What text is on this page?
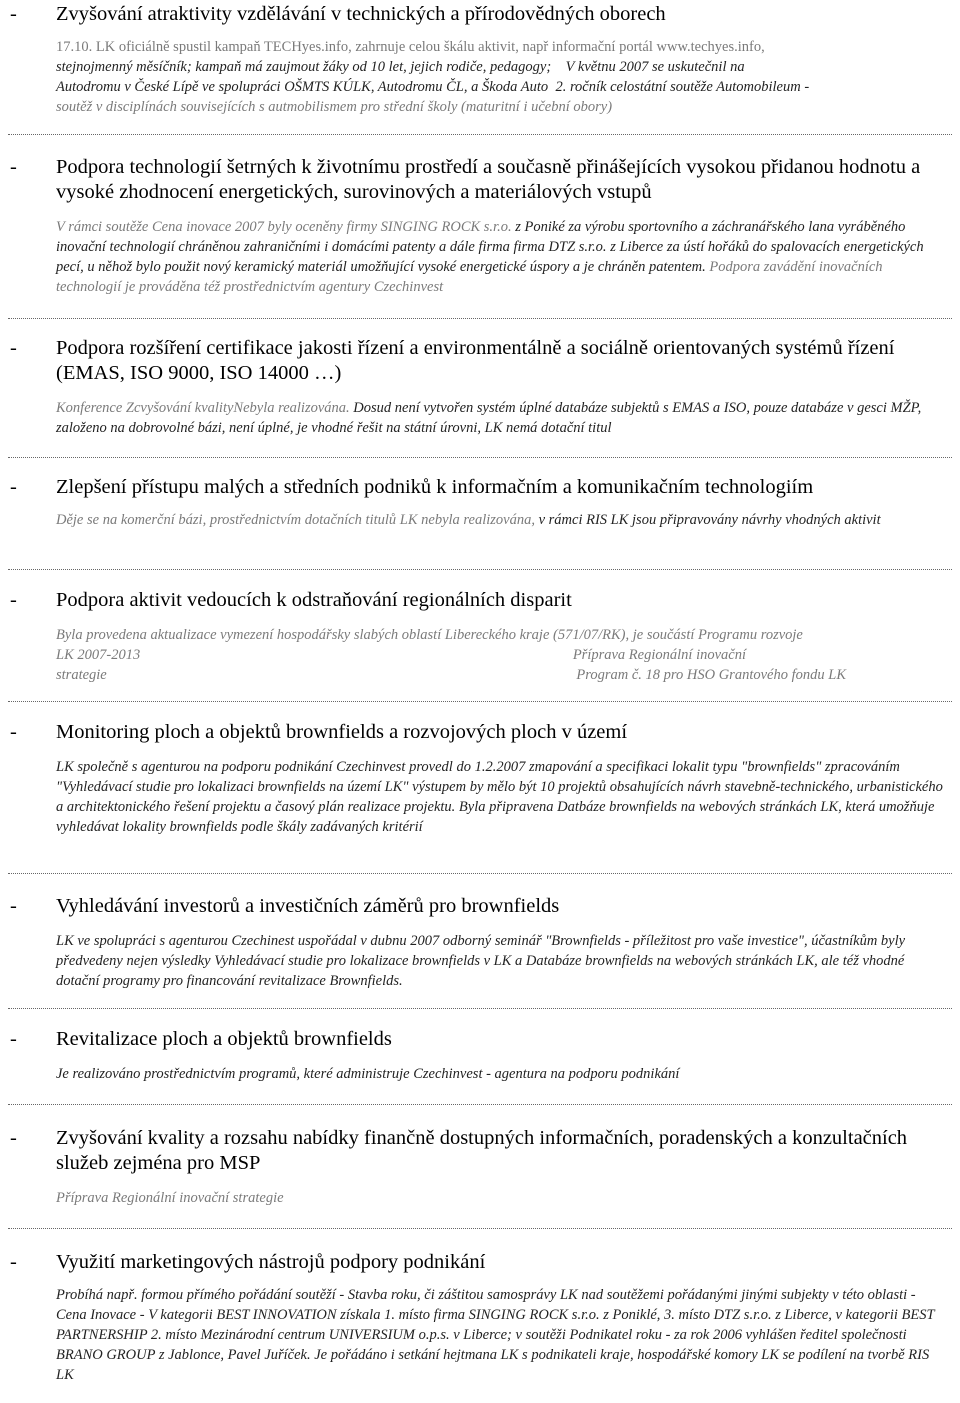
- Zvyšování atraktivity vzdělávání v technických a přírodovědných oborech
17.10. LK oficiálně spustil kampaň TECHyes.info, zahrnuje celou škálu aktivit, např informační portál www.techyes.info,
stejnojmenný měsíčník; kampaň má zaujmout žáky od 10 let, jejich rodiče, pedagogy; V květnu 2007 se uskutečnil na
Autodromu v České Lípě ve spolupráci OŠMTS KÚLK, Autodromu ČL, a Škoda Auto 2. ročník celostátní soutěže Automobileum -
soutěž v disciplínách souvisejících s autmobilismem pro střední školy (maturitní i učební obory)
- Podpora technologií šetrných k životnímu prostředí a současně přinášejících vysokou přidanou hodnotu a vysoké zhodnocení energetických, surovinových a materiálových vstupů
V rámci soutěže Cena inovace 2007 byly oceněny firmy SINGING ROCK s.r.o. z Poniké za výrobu sportovního a záchranářského lana vyráběného inovační technologií chráněnou zahraničními i domácími patenty a dále firma firma DTZ s.r.o. z Liberce za ústí hořáků do spalovacích energetických pecí, u něhož bylo použit nový keramický materiál umožňující vysoké energetické úspory a je chráněn patentem. Podpora zavádění inovačních technologií je prováděna též prostřednictvím agentury Czechinvest
- Podpora rozšíření certifikace jakosti řízení a environmentálně a sociálně orientovaných systémů řízení (EMAS, ISO 9000, ISO 14000 …)
Konference Zcvyšování kvalityNebyla realizována. Dosud není vytvořen systém úplné databáze subjektů s EMAS a ISO, pouze databáze v gesci MŽP, založeno na dobrovolné bázi, není úplné, je vhodné řešit na státní úrovni, LK nemá dotační titul
- Zlepšení přístupu malých a středních podniků k informačním a komunikačním technologiím
Děje se na komerční bázi, prostřednictvím dotačních titulů LK nebyla realizována, v rámci RIS LK jsou připravovány návrhy vhodných aktivit
- Podpora aktivit vedoucích k odstraňování regionálních disparit
Byla provedena aktualizace vymezení hospodářsky slabých oblastí Libereckého kraje (571/07/RK), je součástí Programu rozvoje
LK 2007-2013	Příprava Regionální inovační
strategie	Program č. 18 pro HSO Grantového fondu LK
- Monitoring ploch a objektů brownfields a rozvojových ploch v území
LK společně s agenturou na podporu podnikání Czechinvest provedl do 1.2.2007 zmapování a specifikaci lokalit typu "brownfields" zpracováním "Vyhledávací studie pro lokalizaci brownfields na území LK" výstupem by mělo být 10 projektů obsahujících návrh stavebně-technického, urbanistického a architektonického řešení projektu a časový plán realizace projektu. Byla připravena Datbáze brownfields na webových stránkách LK, která umožňuje vyhledávat lokality brownfields podle škály zadávaných kritérií
- Vyhledávání investorů a investičních záměrů pro brownfields
LK ve spolupráci s agenturou Czechinest uspořádal v dubnu 2007 odborný seminář "Brownfields - příležitost pro vaše investice", účastníkům byly předvedeny nejen výsledky Vyhledávací studie pro lokalizace brownfields v LK a Databáze brownfields na webových stránkách LK, ale též vhodné dotační programy pro financování revitalizace Brownfields.
- Revitalizace ploch a objektů brownfields
Je realizováno prostřednictvím programů, které administruje Czechinvest - agentura na podporu podnikání
- Zvyšování kvality a rozsahu nabídky finančně dostupných informačních, poradenských a konzultačních služeb zejména pro MSP
Příprava Regionální inovační strategie
- Využití marketingových nástrojů podpory podnikání
Probíhá např. formou přímého pořádání soutěží - Stavba roku, či záštitou samosprávy LK nad soutěžemi pořádanými jinými subjekty v této oblasti - Cena Inovace - V kategorii BEST INNOVATION získala 1. místo firma SINGING ROCK s.r.o. z Poniklé, 3. místo DTZ s.r.o. z Liberce, v kategorii BEST PARTNERSHIP 2. místo Mezinárodní centrum UNIVERSIUM o.p.s. v Liberce; v soutěži Podnikatel roku - za rok 2006 vyhlášen ředitel společnosti BRANO GROUP z Jablonce, Pavel Juříček. Je pořádáno i setkání hejtmana LK s podnikateli kraje, hospodářské komory LK se podílení na tvorbě RIS LK
